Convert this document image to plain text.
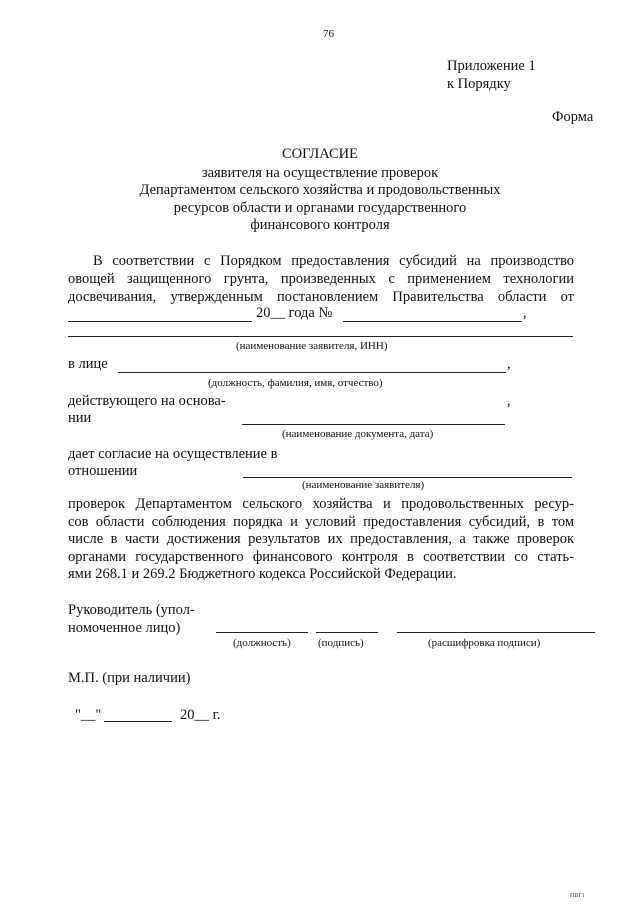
76
Приложение 1
к Порядку
Форма
СОГЛАСИЕ
заявителя на осуществление проверок
Департаментом сельского хозяйства и продовольственных
ресурсов области и органами государственного
финансового контроля
В соответствии с Порядком предоставления субсидий на производство
овощей защищенного грунта, произведенных с применением технологии
досвечивания, утвержденным постановлением Правительства области от
20__ года №	,
(наименование заявителя, ИНН)
в лице	,
(должность, фамилия, имя, отчество)
действующего на основа-	,
нии
(наименование документа, дата)
дает согласие на осуществление в
отношении
(наименование заявителя)
проверок Департаментом сельского хозяйства и продовольственных ресур-
сов области соблюдения порядка и условий предоставления субсидий, в том
числе в части достижения результатов их предоставления, а также проверок
органами государственного финансового контроля в соответствии со стать-
ями 268.1 и 269.2 Бюджетного кодекса Российской Федерации.
Руководитель (упол-
номоченное лицо)
(должность) (подпись)	(расшифровка подписи)
М.П. (при наличии)
"__"	20__ г.
ПВГ1
